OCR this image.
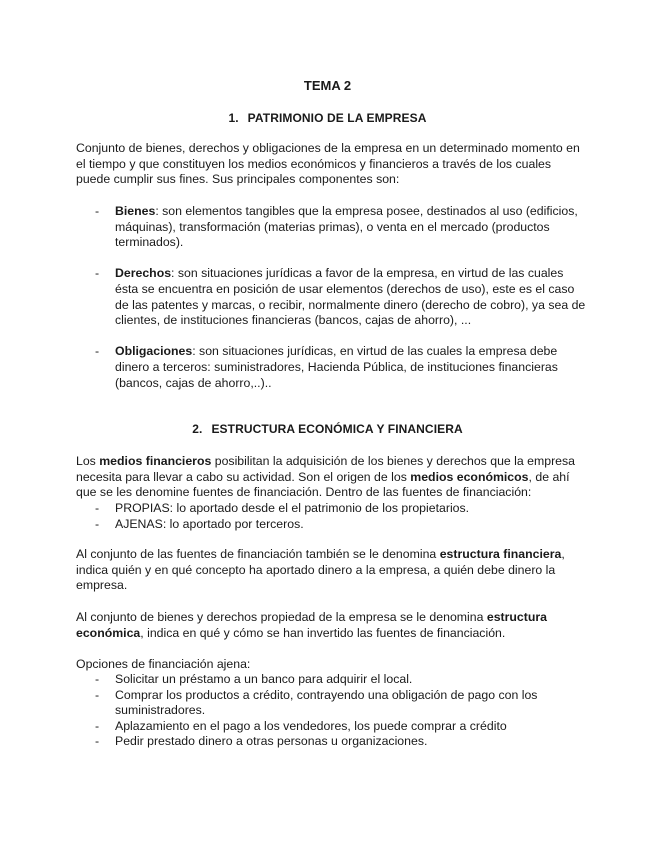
TEMA 2
1. PATRIMONIO DE LA EMPRESA

Conjunto de bienes, derechos y obligaciones de la empresa en un determinado momento en el tiempo y que constituyen los medios económicos y financieros a través de los cuales puede cumplir sus fines. Sus principales componentes son:

- Bienes: son elementos tangibles que la empresa posee, destinados al uso (edificios, máquinas), transformación (materias primas), o venta en el mercado (productos terminados).
- Derechos: son situaciones jurídicas a favor de la empresa, en virtud de las cuales ésta se encuentra en posición de usar elementos (derechos de uso), este es el caso de las patentes y marcas, o recibir, normalmente dinero (derecho de cobro), ya sea de clientes, de instituciones financieras (bancos, cajas de ahorro), ...
- Obligaciones: son situaciones jurídicas, en virtud de las cuales la empresa debe dinero a terceros: suministradores, Hacienda Pública, de instituciones financieras (bancos, cajas de ahorro,..)..
2. ESTRUCTURA ECONÓMICA Y FINANCIERA

Los medios financieros posibilitan la adquisición de los bienes y derechos que la empresa necesita para llevar a cabo su actividad. Son el origen de los medios económicos, de ahí que se les denomine fuentes de financiación. Dentro de las fuentes de financiación:

- PROPIAS: lo aportado desde el el patrimonio de los propietarios.
- AJENAS: lo aportado por terceros.

Al conjunto de las fuentes de financiación también se le denomina estructura financiera, indica quién y en qué concepto ha aportado dinero a la empresa, a quién debe dinero la empresa.

Al conjunto de bienes y derechos propiedad de la empresa se le denomina estructura económica, indica en qué y cómo se han invertido las fuentes de financiación.

Opciones de financiación ajena:

- Solicitar un préstamo a un banco para adquirir el local.
- Comprar los productos a crédito, contrayendo una obligación de pago con los suministradores.
- Aplazamiento en el pago a los vendedores, los puede comprar a crédito
- Pedir prestado dinero a otras personas u organizaciones.
